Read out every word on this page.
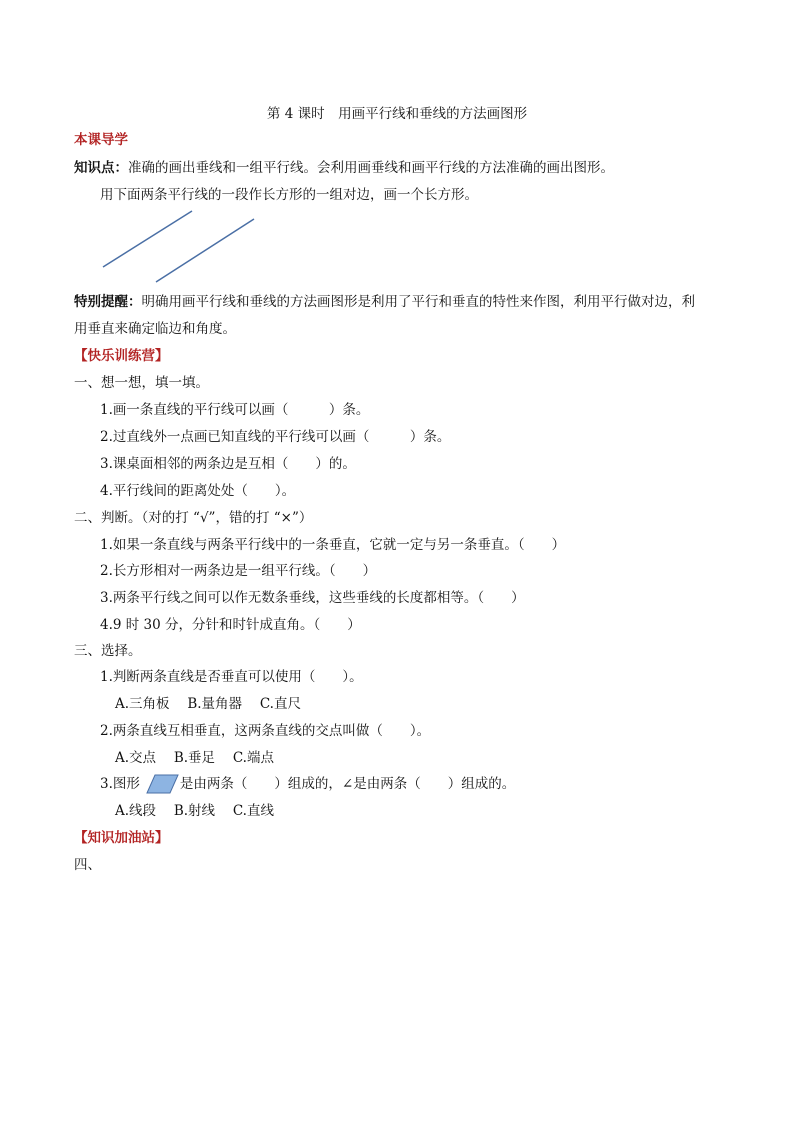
第 4 课时　用画平行线和垂线的方法画图形
本课导学
知识点：准确的画出垂线和一组平行线。会利用画垂线和画平行线的方法准确的画出图形。
用下面两条平行线的一段作长方形的一组对边，画一个长方形。
特别提醒：明确用画平行线和垂线的方法画图形是利用了平行和垂直的特性来作图，利用平行做对边，利
用垂直来确定临边和角度。
【快乐训练营】
一、想一想，填一填。
1.画一条直线的平行线可以画（　　　）条。
2.过直线外一点画已知直线的平行线可以画（　　　）条。
3.课桌面相邻的两条边是互相（　　）的。
4.平行线间的距离处处（　　）。
二、判断。（对的打 “√”，错的打 “×”）
1.如果一条直线与两条平行线中的一条垂直，它就一定与另一条垂直。（　　）
2.长方形相对一两条边是一组平行线。（　　）
3.两条平行线之间可以作无数条垂线，这些垂线的长度都相等。（　　）
4.9 时 30 分，分针和时针成直角。（　　）
三、选择。
1.判断两条直线是否垂直可以使用（　　）。
A.三角板　 B.量角器　 C.直尺
2.两条直线互相垂直，这两条直线的交点叫做（　　）。
A.交点　 B.垂足　 C.端点
3.图形	是由两条（　　）组成的，∠是由两条（　　）组成的。
A.线段　 B.射线　 C.直线
【知识加油站】
四、
